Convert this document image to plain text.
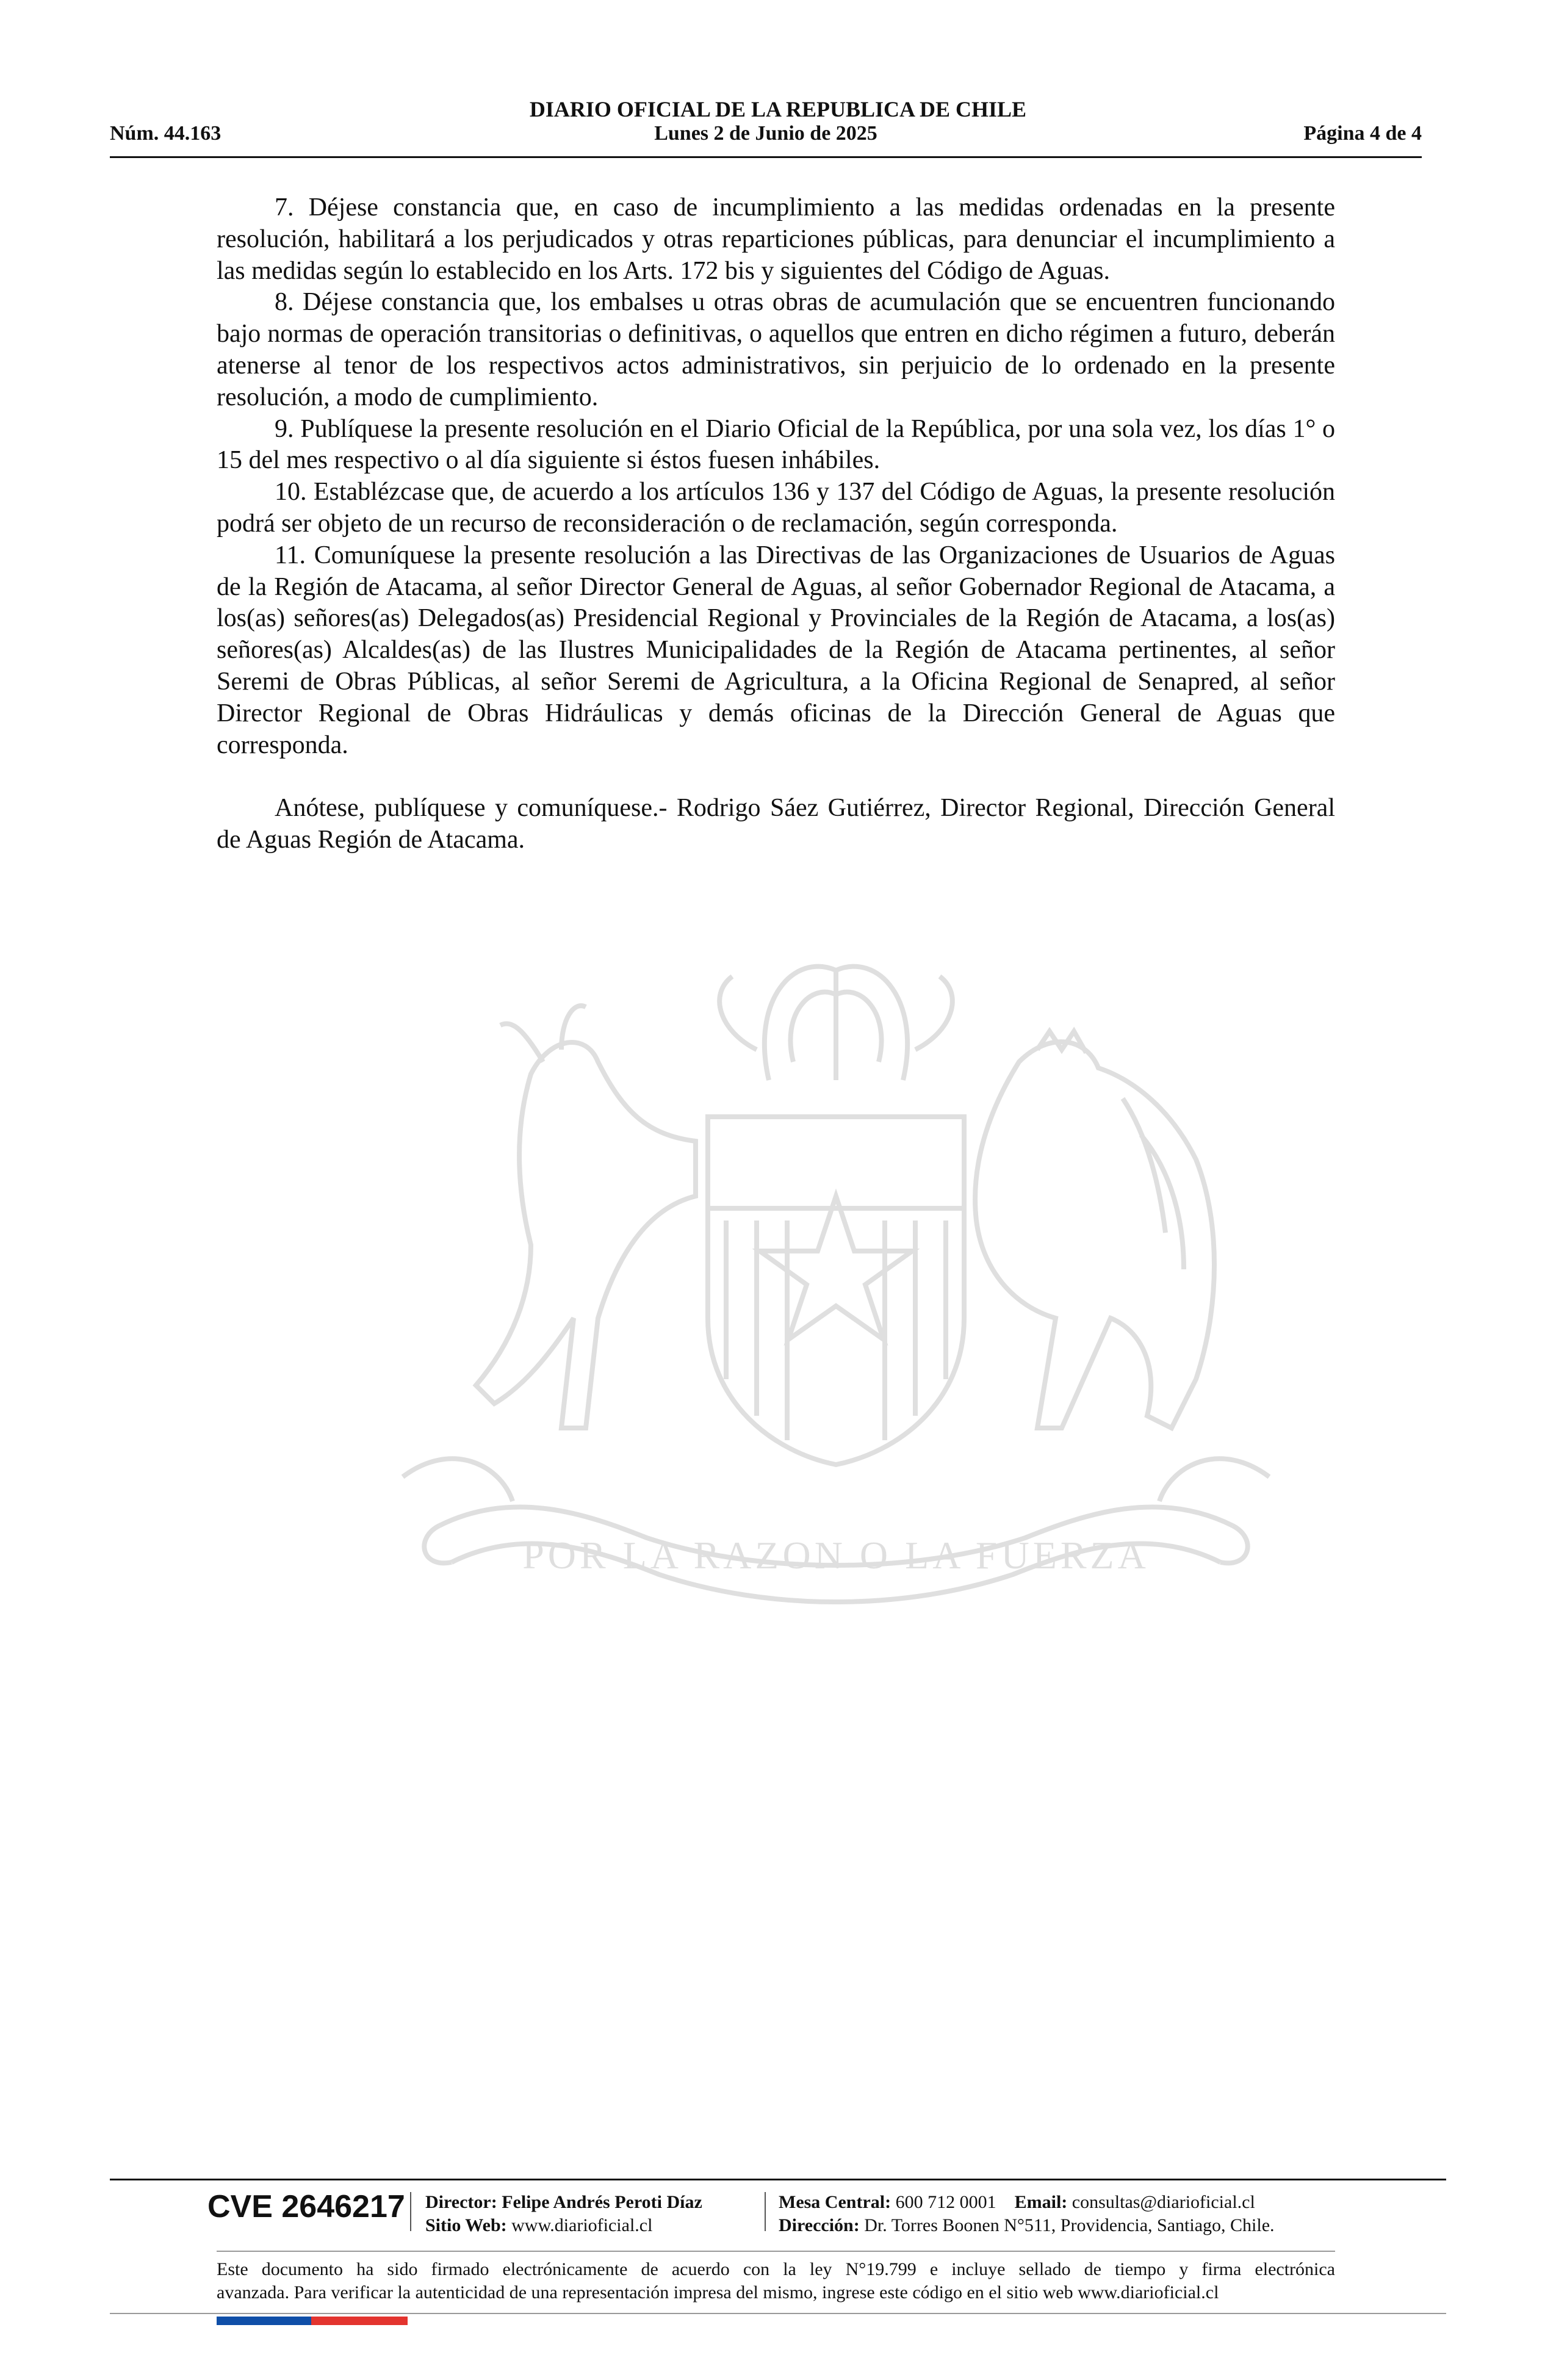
DIARIO OFICIAL DE LA REPUBLICA DE CHILE
Núm. 44.163	Lunes 2 de Junio de 2025	Página 4 de 4
POR LA RAZON O LA FUERZA

7. Déjese constancia que, en caso de incumplimiento a las medidas ordenadas en la presente resolución, habilitará a los perjudicados y otras reparticiones públicas, para denunciar el incumplimiento a las medidas según lo establecido en los Arts. 172 bis y siguientes del Código de Aguas.

8. Déjese constancia que, los embalses u otras obras de acumulación que se encuentren funcionando bajo normas de operación transitorias o definitivas, o aquellos que entren en dicho régimen a futuro, deberán atenerse al tenor de los respectivos actos administrativos, sin perjuicio de lo ordenado en la presente resolución, a modo de cumplimiento.

9. Publíquese la presente resolución en el Diario Oficial de la República, por una sola vez, los días 1° o 15 del mes respectivo o al día siguiente si éstos fuesen inhábiles.

10. Establézcase que, de acuerdo a los artículos 136 y 137 del Código de Aguas, la presente resolución podrá ser objeto de un recurso de reconsideración o de reclamación, según corresponda.

11. Comuníquese la presente resolución a las Directivas de las Organizaciones de Usuarios de Aguas de la Región de Atacama, al señor Director General de Aguas, al señor Gobernador Regional de Atacama, a los(as) señores(as) Delegados(as) Presidencial Regional y Provinciales de la Región de Atacama, a los(as) señores(as) Alcaldes(as) de las Ilustres Municipalidades de la Región de Atacama pertinentes, al señor Seremi de Obras Públicas, al señor Seremi de Agricultura, a la Oficina Regional de Senapred, al señor Director Regional de Obras Hidráulicas y demás oficinas de la Dirección General de Aguas que corresponda.

Anótese, publíquese y comuníquese.- Rodrigo Sáez Gutiérrez, Director Regional, Dirección General de Aguas Región de Atacama.

CVE 2646217 Director: Felipe Andrés Peroti Díaz
Sitio Web: www.diarioficial.cl
Mesa Central: 600 712 0001 Email: consultas@diarioficial.cl
Dirección: Dr. Torres Boonen N°511, Providencia, Santiago, Chile.
Este documento ha sido firmado electrónicamente de acuerdo con la ley N°19.799 e incluye sellado de tiempo y firma electrónica
avanzada. Para verificar la autenticidad de una representación impresa del mismo, ingrese este código en el sitio web www.diarioficial.cl
